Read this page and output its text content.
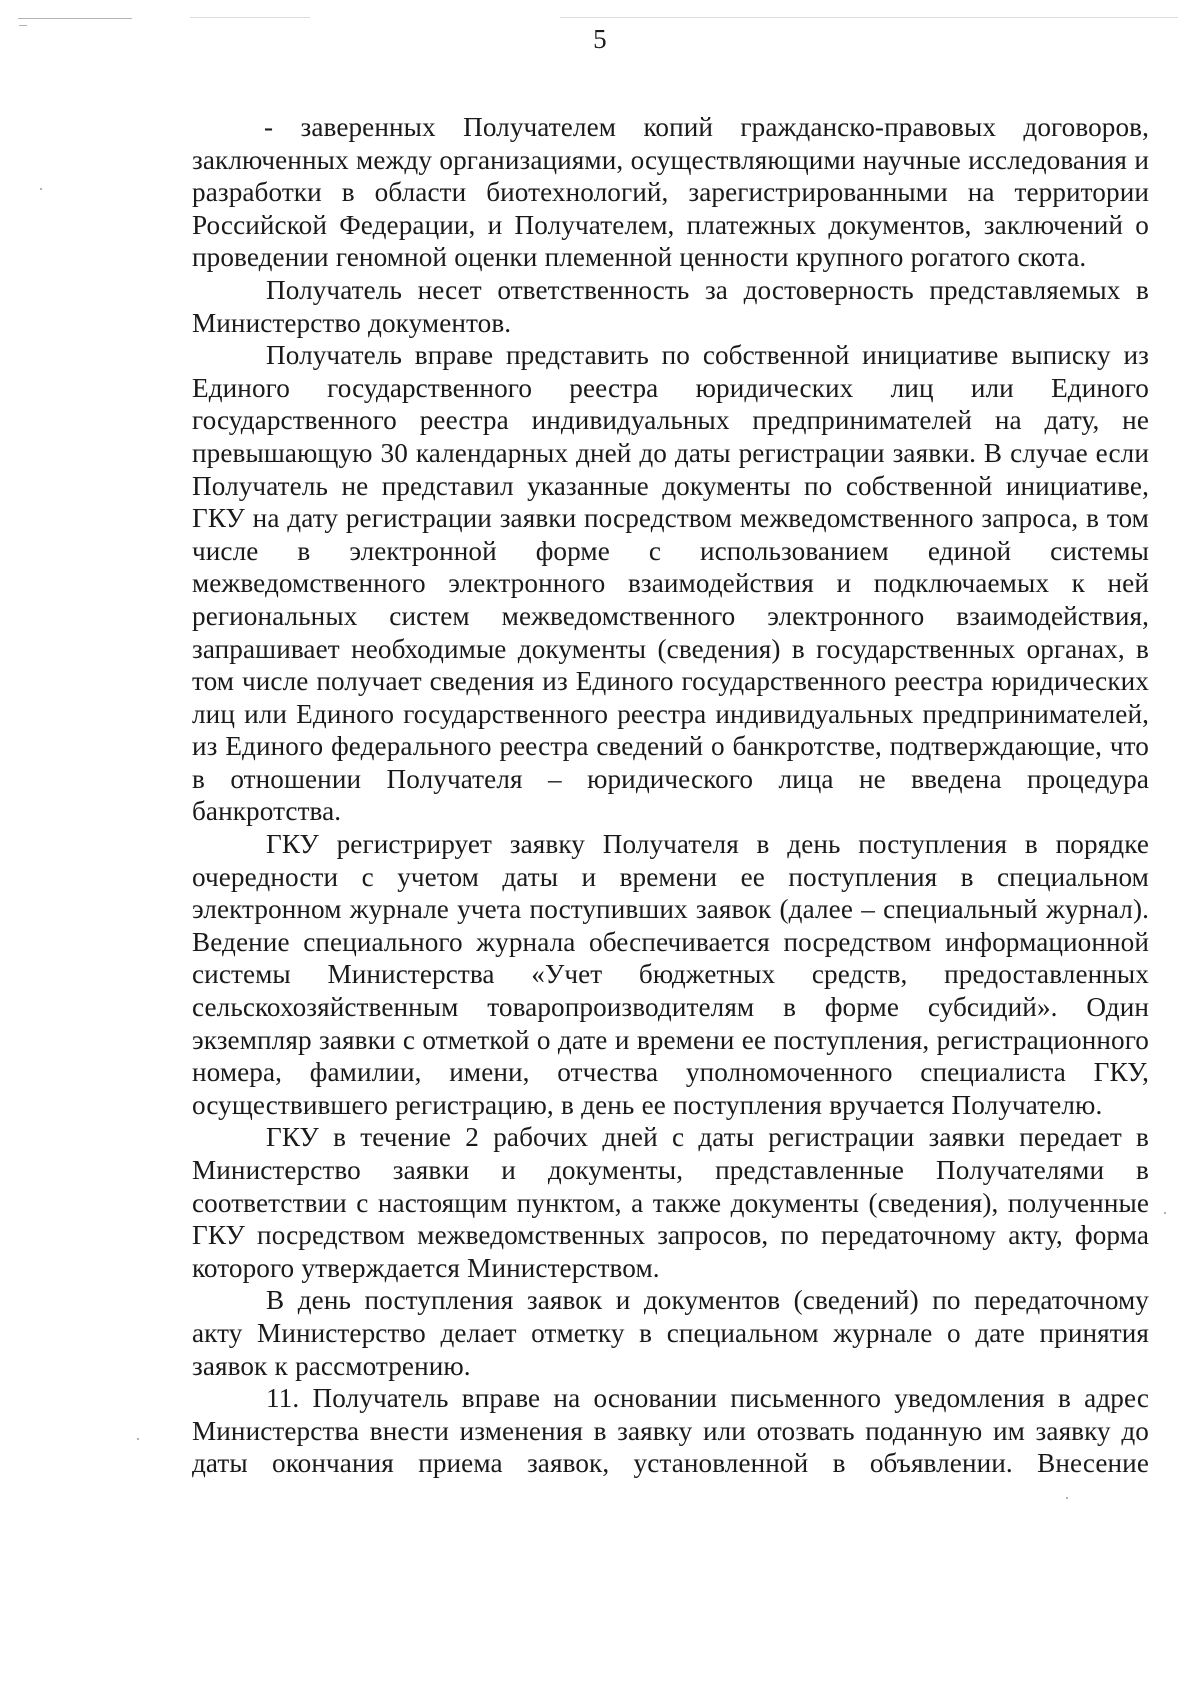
5

- заверенных Получателем копий гражданско-правовых договоров, заключенных между организациями, осуществляющими научные исследования и разработки в области биотехнологий, зарегистрированными на территории Российской Федерации, и Получателем, платежных документов, заключений о проведении геномной оценки племенной ценности крупного рогатого скота.

Получатель несет ответственность за достоверность представляемых в Министерство документов.

Получатель вправе представить по собственной инициативе выписку из Единого государственного реестра юридических лиц или Единого государственного реестра индивидуальных предпринимателей на дату, не превышающую 30 календарных дней до даты регистрации заявки. В случае если Получатель не представил указанные документы по собственной инициативе, ГКУ на дату регистрации заявки посредством межведомственного запроса, в том числе в электронной форме с использованием единой системы межведомственного электронного взаимодействия и подключаемых к ней региональных систем межведомственного электронного взаимодействия, запрашивает необходимые документы (сведения) в государственных органах, в том числе получает сведения из Единого государственного реестра юридических лиц или Единого государственного реестра индивидуальных предпринимателей, из Единого федерального реестра сведений о банкротстве, подтверждающие, что в отношении Получателя – юридического лица не введена процедура банкротства.

ГКУ регистрирует заявку Получателя в день поступления в порядке очередности с учетом даты и времени ее поступления в специальном электронном журнале учета поступивших заявок (далее – специальный журнал). Ведение специального журнала обеспечивается посредством информационной системы Министерства «Учет бюджетных средств, предоставленных сельскохозяйственным товаропроизводителям в форме субсидий». Один экземпляр заявки с отметкой о дате и времени ее поступления, регистрационного номера, фамилии, имени, отчества уполномоченного специалиста ГКУ, осуществившего регистрацию, в день ее поступления вручается Получателю.

ГКУ в течение 2 рабочих дней с даты регистрации заявки передает в Министерство заявки и документы, представленные Получателями в соответствии с настоящим пунктом, а также документы (сведения), полученные ГКУ посредством межведомственных запросов, по передаточному акту, форма которого утверждается Министерством.

В день поступления заявок и документов (сведений) по передаточному акту Министерство делает отметку в специальном журнале о дате принятия заявок к рассмотрению.

11. Получатель вправе на основании письменного уведомления в адрес Министерства внести изменения в заявку или отозвать поданную им заявку до даты окончания приема заявок, установленной в объявлении. Внесение
